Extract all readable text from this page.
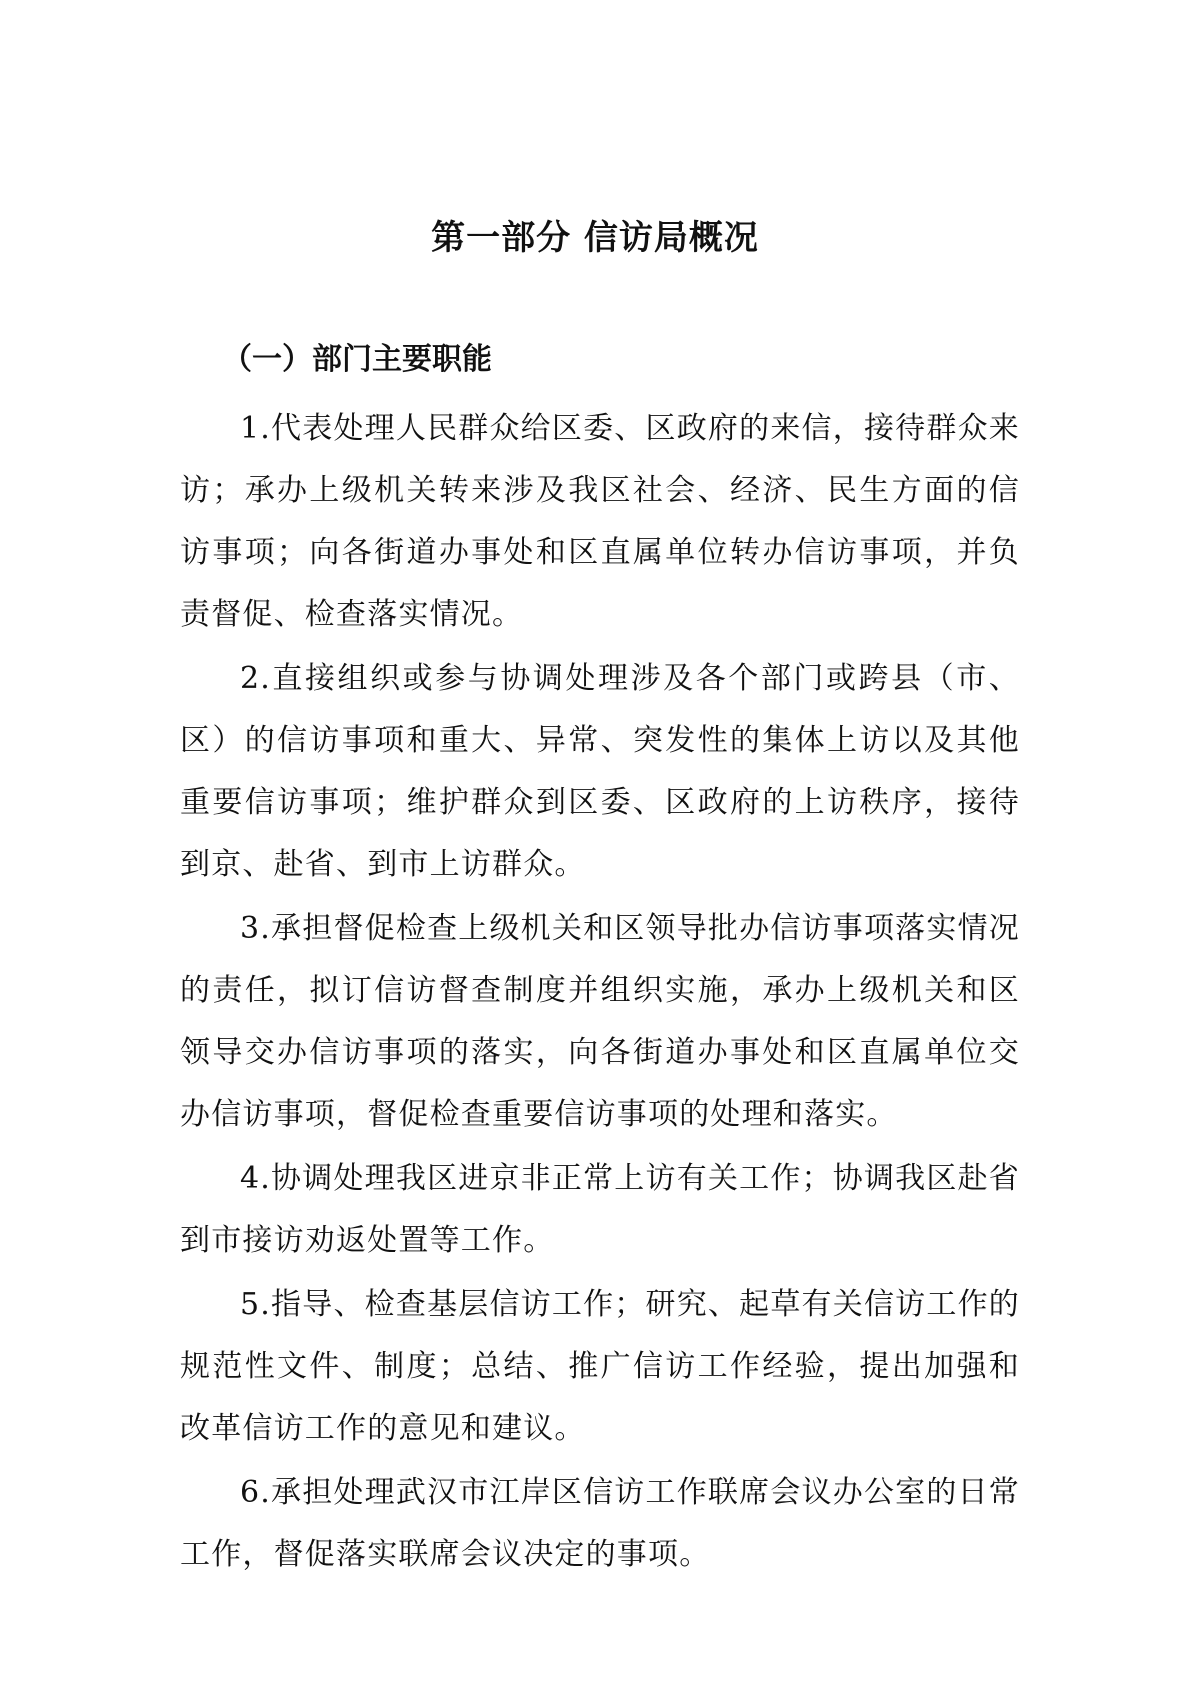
第一部分 信访局概况
（一）部门主要职能

1.代表处理人民群众给区委、区政府的来信，接待群众来访；承办上级机关转来涉及我区社会、经济、民生方面的信访事项；向各街道办事处和区直属单位转办信访事项，并负责督促、检查落实情况。

2.直接组织或参与协调处理涉及各个部门或跨县（市、区）的信访事项和重大、异常、突发性的集体上访以及其他重要信访事项；维护群众到区委、区政府的上访秩序，接待到京、赴省、到市上访群众。

3.承担督促检查上级机关和区领导批办信访事项落实情况的责任，拟订信访督查制度并组织实施，承办上级机关和区领导交办信访事项的落实，向各街道办事处和区直属单位交办信访事项，督促检查重要信访事项的处理和落实。

4.协调处理我区进京非正常上访有关工作；协调我区赴省到市接访劝返处置等工作。

5.指导、检查基层信访工作；研究、起草有关信访工作的规范性文件、制度；总结、推广信访工作经验，提出加强和改革信访工作的意见和建议。

6.承担处理武汉市江岸区信访工作联席会议办公室的日常工作，督促落实联席会议决定的事项。
